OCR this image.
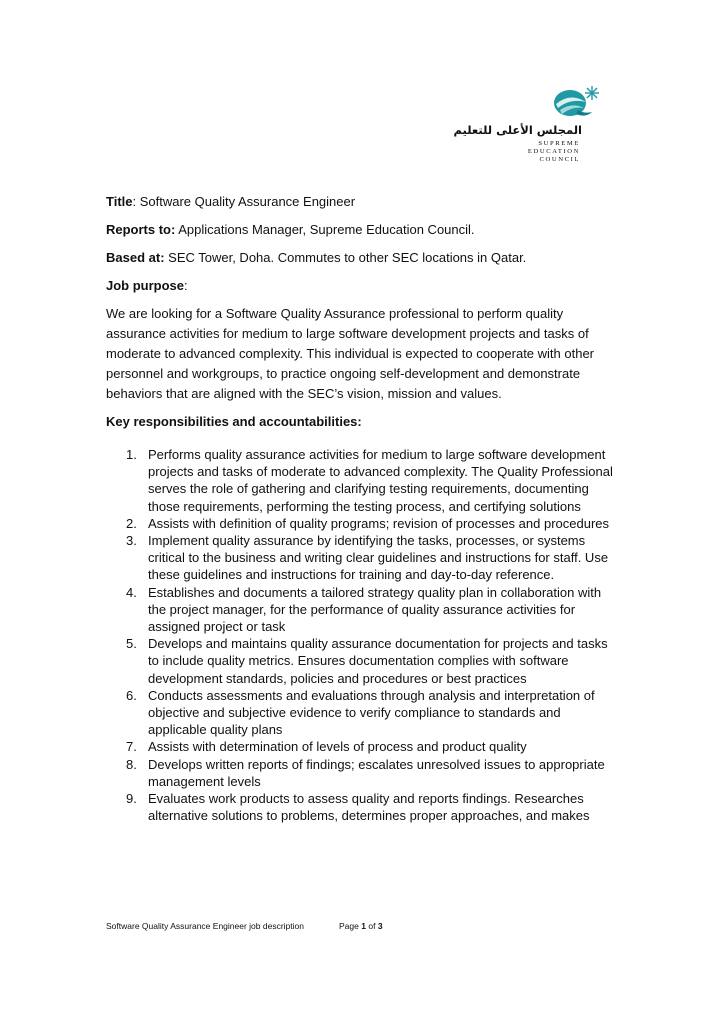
المجلس الأعلى للتعليم
SUPREME
EDUCATION
COUNCIL

Title: Software Quality Assurance Engineer

Reports to: Applications Manager, Supreme Education Council.

Based at: SEC Tower, Doha. Commutes to other SEC locations in Qatar.

Job purpose:

We are looking for a Software Quality Assurance professional to perform quality assurance activities for medium to large software development projects and tasks of moderate to advanced complexity. This individual is expected to cooperate with other personnel and workgroups, to practice ongoing self-development and demonstrate behaviors that are aligned with the SEC’s vision, mission and values.

Key responsibilities and accountabilities:

1. Performs quality assurance activities for medium to large software development projects and tasks of moderate to advanced complexity. The Quality Professional serves the role of gathering and clarifying testing requirements, documenting those requirements, performing the testing process, and certifying solutions
2. Assists with definition of quality programs; revision of processes and procedures
3. Implement quality assurance by identifying the tasks, processes, or systems critical to the business and writing clear guidelines and instructions for staff. Use these guidelines and instructions for training and day-to-day reference.
4. Establishes and documents a tailored strategy quality plan in collaboration with the project manager, for the performance of quality assurance activities for assigned project or task
5. Develops and maintains quality assurance documentation for projects and tasks to include quality metrics. Ensures documentation complies with software development standards, policies and procedures or best practices
6. Conducts assessments and evaluations through analysis and interpretation of objective and subjective evidence to verify compliance to standards and applicable quality plans
7. Assists with determination of levels of process and product quality
8. Develops written reports of findings; escalates unresolved issues to appropriate management levels
9. Evaluates work products to assess quality and reports findings. Researches alternative solutions to problems, determines proper approaches, and makes
Software Quality Assurance Engineer job description	Page 1 of 3
